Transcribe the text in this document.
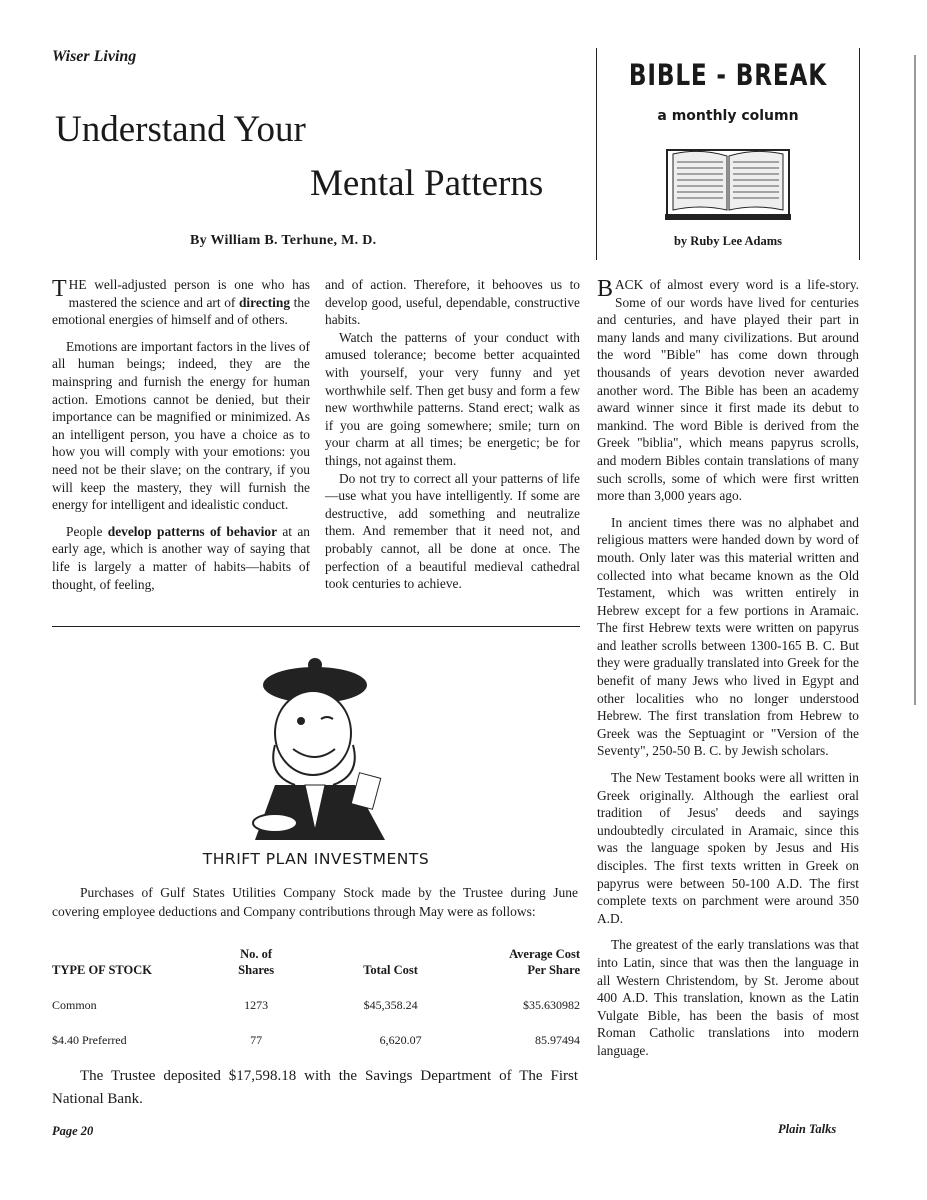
Wiser Living
Understand Your
Mental Patterns
By William B. Terhune, M. D.

THE well-adjusted person is one who has mastered the science and art of directing the emotional energies of himself and of others.

Emotions are important factors in the lives of all human beings; indeed, they are the mainspring and furnish the energy for human action. Emotions cannot be denied, but their importance can be magnified or minimized. As an intelligent person, you have a choice as to how you will comply with your emotions: you need not be their slave; on the contrary, if you will keep the mastery, they will furnish the energy for intelligent and idealistic conduct.

People develop patterns of behavior at an early age, which is another way of saying that life is largely a matter of habits—habits of thought, of feeling,

and of action. Therefore, it behooves us to develop good, useful, dependable, constructive habits.

Watch the patterns of your conduct with amused tolerance; become better acquainted with yourself, your very funny and yet worthwhile self. Then get busy and form a few new worthwhile patterns. Stand erect; walk as if you are going somewhere; smile; turn on your charm at all times; be energetic; be for things, not against them.

Do not try to correct all your patterns of life—use what you have intelligently. If some are destructive, add something and neutralize them. And remember that it need not, and probably cannot, all be done at once. The perfection of a beautiful medieval cathedral took centuries to achieve.

BIBLE - BREAK
a monthly column
by Ruby Lee Adams

BACK of almost every word is a life-story. Some of our words have lived for centuries and centuries, and have played their part in many lands and many civilizations. But around the word "Bible" has come down through thousands of years devotion never awarded another word. The Bible has been an academy award winner since it first made its debut to mankind. The word Bible is derived from the Greek "biblia", which means papyrus scrolls, and modern Bibles contain translations of many such scrolls, some of which were first written more than 3,000 years ago.

In ancient times there was no alphabet and religious matters were handed down by word of mouth. Only later was this material written and collected into what became known as the Old Testament, which was written entirely in Hebrew except for a few portions in Aramaic. The first Hebrew texts were written on papyrus and leather scrolls between 1300-165 B. C. But they were gradually translated into Greek for the benefit of many Jews who lived in Egypt and other localities who no longer understood Hebrew. The first translation from Hebrew to Greek was the Septuagint or "Version of the Seventy", 250-50 B. C. by Jewish scholars.

The New Testament books were all written in Greek originally. Although the earliest oral tradition of Jesus' deeds and sayings undoubtedly circulated in Aramaic, since this was the language spoken by Jesus and His disciples. The first texts written in Greek on papyrus were between 50-100 A.D. The first complete texts on parchment were around 350 A.D.

The greatest of the early translations was that into Latin, since that was then the language in all Western Christendom, by St. Jerome about 400 A.D. This translation, known as the Latin Vulgate Bible, has been the basis of most Roman Catholic translations into modern language.

THRIFT PLAN INVESTMENTS
Purchases of Gulf States Utilities Company Stock made by the Trustee during June covering employee deductions and Company contributions through May were as follows:
TYPE OF STOCK	No. of Shares	Total Cost	Average Cost Per Share
Common	1273	$45,358.24	$35.630982
$4.40 Preferred	77	6,620.07	85.97494
The Trustee deposited $17,598.18 with the Savings Department of The First National Bank.
Page 20	Plain Talks
